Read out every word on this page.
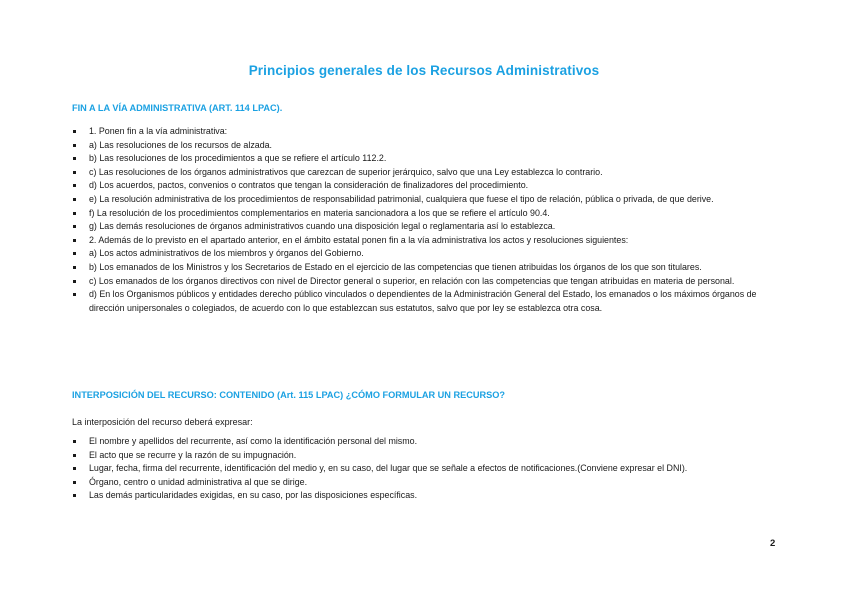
Principios generales de los Recursos Administrativos
FIN A LA VÍA ADMINISTRATIVA (ART. 114 LPAC).
1. Ponen fin a la vía administrativa:
a) Las resoluciones de los recursos de alzada.
b) Las resoluciones de los procedimientos a que se refiere el artículo 112.2.
c) Las resoluciones de los órganos administrativos que carezcan de superior jerárquico, salvo que una Ley establezca lo contrario.
d) Los acuerdos, pactos, convenios o contratos que tengan la consideración de finalizadores del procedimiento.
e) La resolución administrativa de los procedimientos de responsabilidad patrimonial, cualquiera que fuese el tipo de relación, pública o privada, de que derive.
f) La resolución de los procedimientos complementarios en materia sancionadora a los que se refiere el artículo 90.4.
g) Las demás resoluciones de órganos administrativos cuando una disposición legal o reglamentaria así lo establezca.
2. Además de lo previsto en el apartado anterior, en el ámbito estatal ponen fin a la vía administrativa los actos y resoluciones siguientes:
a) Los actos administrativos de los miembros y órganos del Gobierno.
b) Los emanados de los Ministros y los Secretarios de Estado en el ejercicio de las competencias que tienen atribuidas los órganos de los que son titulares.
c) Los emanados de los órganos directivos con nivel de Director general o superior, en relación con las competencias que tengan atribuidas en materia de personal.
d) En los Organismos públicos y entidades derecho público vinculados o dependientes de la Administración General del Estado, los emanados o los máximos órganos de dirección unipersonales o colegiados, de acuerdo con lo que establezcan sus estatutos, salvo que por ley se establezca otra cosa.
INTERPOSICIÓN DEL RECURSO: CONTENIDO (Art. 115 LPAC) ¿CÓMO FORMULAR UN RECURSO?
La interposición del recurso deberá expresar:
El nombre y apellidos del recurrente, así como la identificación personal del mismo.
El acto que se recurre y la razón de su impugnación.
Lugar, fecha, firma del recurrente, identificación del medio y, en su caso, del lugar que se señale a efectos de notificaciones.(Conviene expresar el DNI).
Órgano, centro o unidad administrativa al que se dirige.
Las demás particularidades exigidas, en su caso, por las disposiciones específicas.
2
